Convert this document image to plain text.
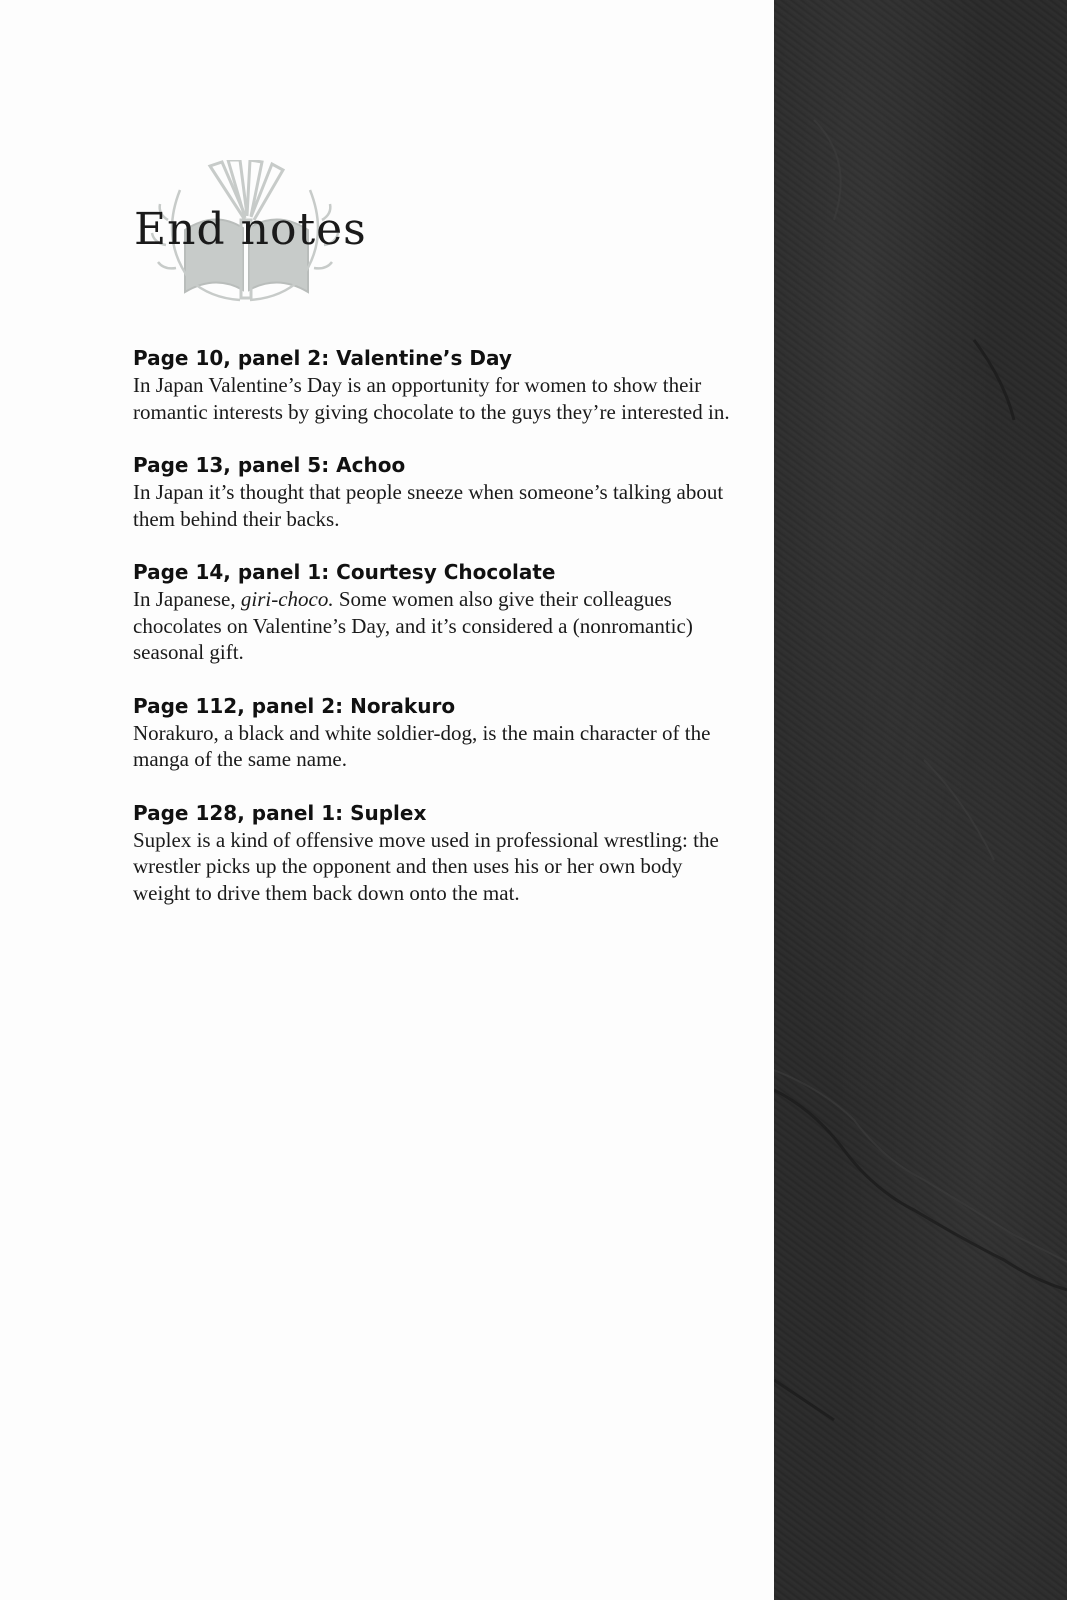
End notes

Page 10, panel 2: Valentine’s Day

In Japan Valentine’s Day is an opportunity for women to show their romantic interests by giving chocolate to the guys they’re interested in.

Page 13, panel 5: Achoo

In Japan it’s thought that people sneeze when someone’s talking about them behind their backs.

Page 14, panel 1: Courtesy Chocolate

In Japanese, giri-choco. Some women also give their colleagues chocolates on Valentine’s Day, and it’s considered a (nonromantic) seasonal gift.

Page 112, panel 2: Norakuro

Norakuro, a black and white soldier-dog, is the main character of the manga of the same name.

Page 128, panel 1: Suplex

Suplex is a kind of offensive move used in professional wrestling: the wrestler picks up the opponent and then uses his or her own body weight to drive them back down onto the mat.
